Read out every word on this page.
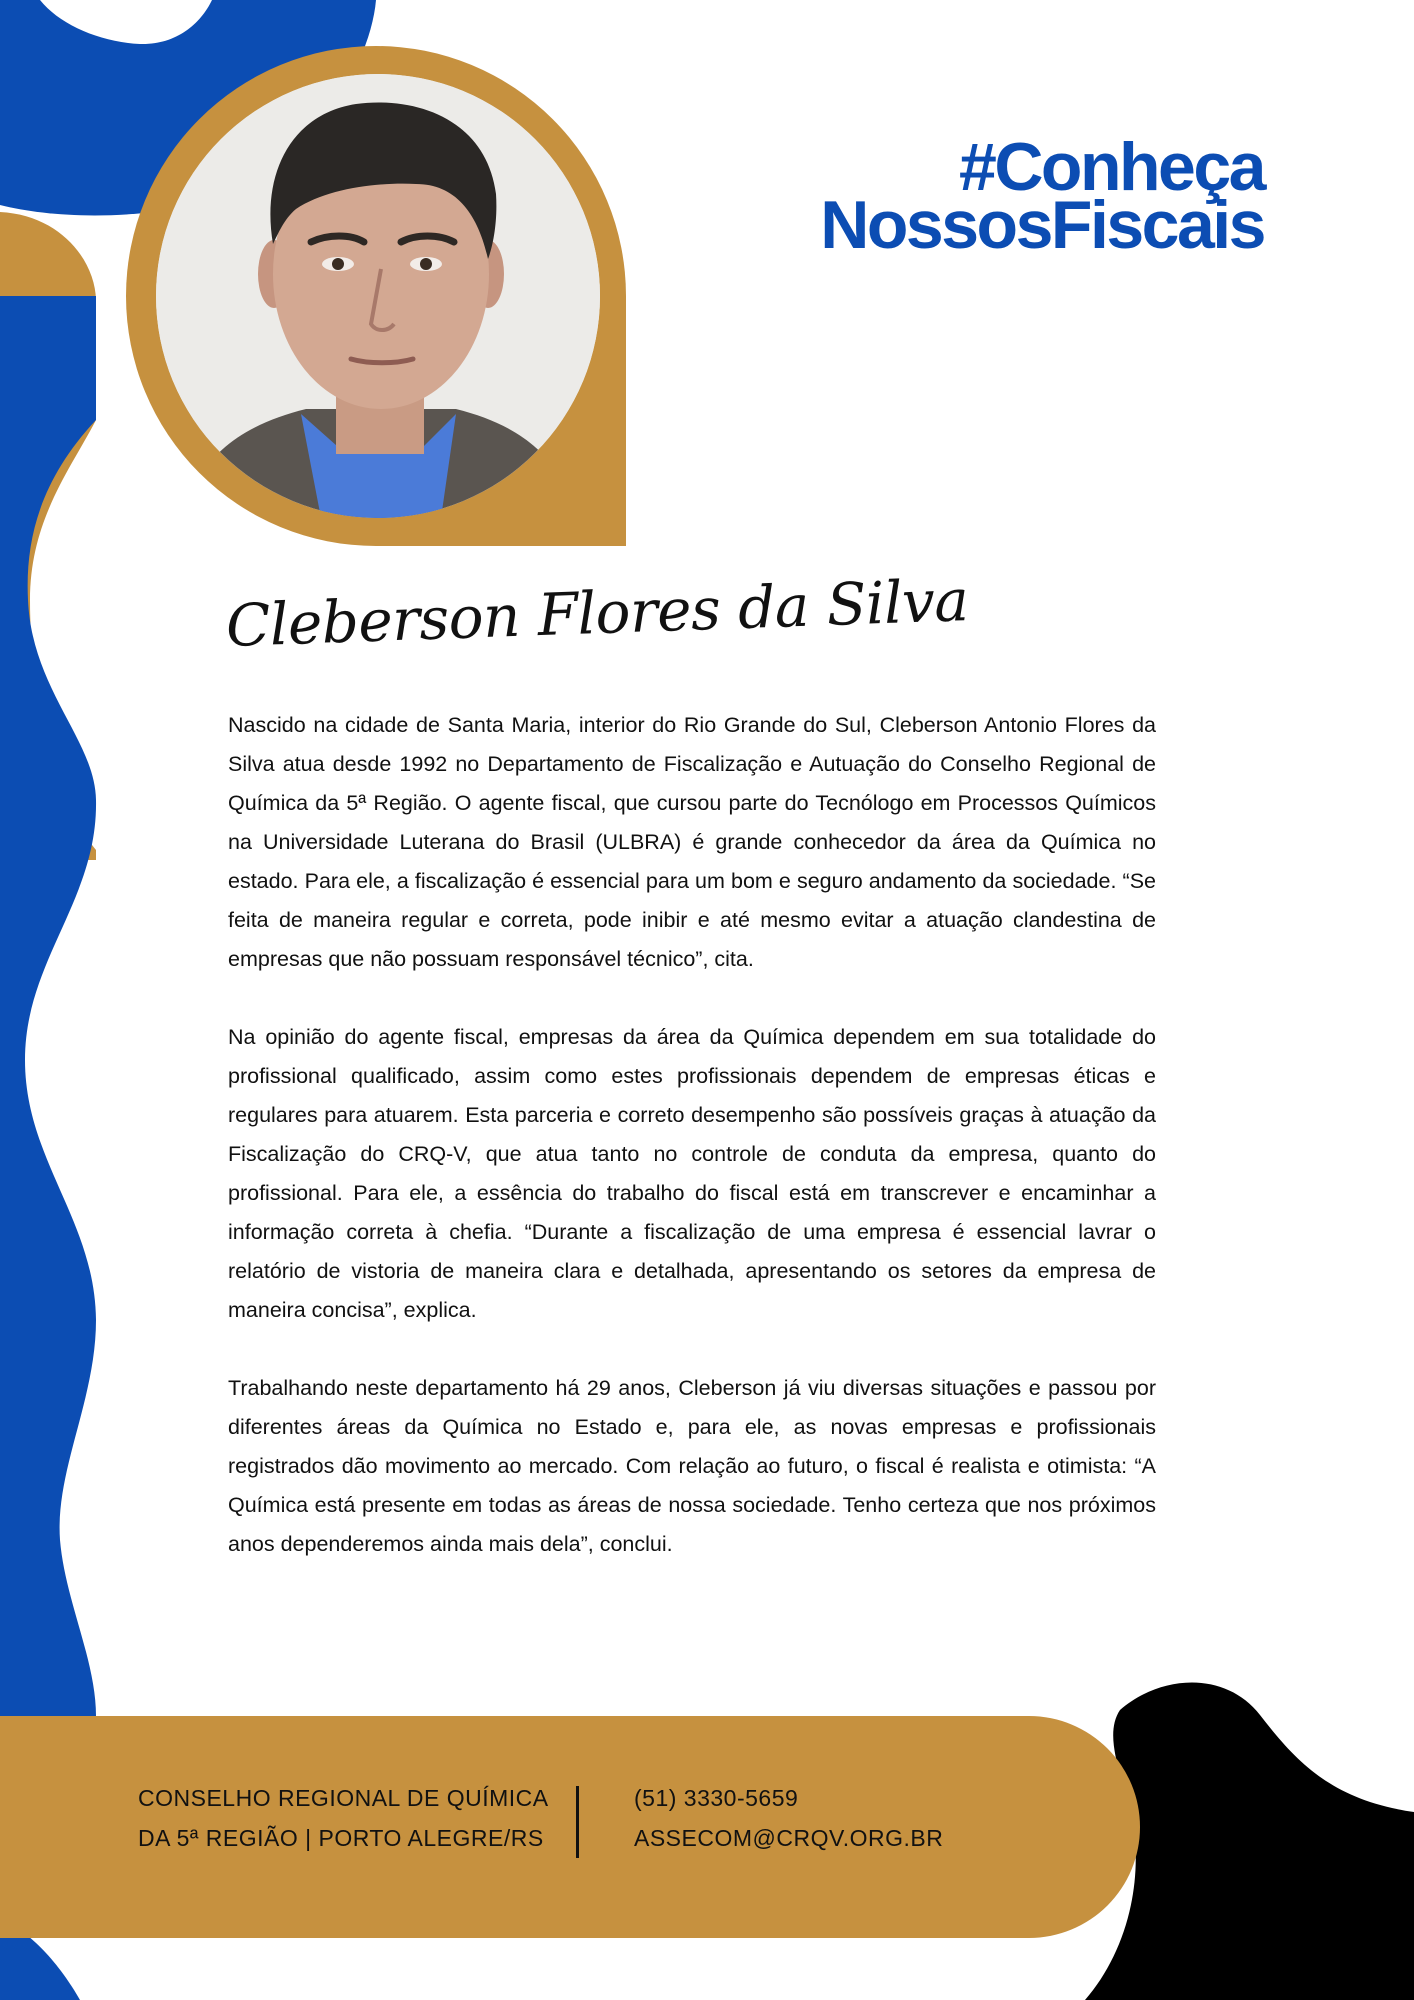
#Conheça
NossosFiscais
Cleberson Flores da Silva

Nascido na cidade de Santa Maria, interior do Rio Grande do Sul, Cleberson Antonio Flores da Silva atua desde 1992 no Departamento de Fiscalização e Autuação do Conselho Regional de Química da 5ª Região. O agente fiscal, que cursou parte do Tecnólogo em Processos Químicos na Universidade Luterana do Brasil (ULBRA) é grande conhecedor da área da Química no estado. Para ele, a fiscalização é essencial para um bom e seguro andamento da sociedade. “Se feita de maneira regular e correta, pode inibir e até mesmo evitar a atuação clandestina de empresas que não possuam responsável técnico”, cita.

Na opinião do agente fiscal, empresas da área da Química dependem em sua totalidade do profissional qualificado, assim como estes profissionais dependem de empresas éticas e regulares para atuarem. Esta parceria e correto desempenho são possíveis graças à atuação da Fiscalização do CRQ-V, que atua tanto no controle de conduta da empresa, quanto do profissional. Para ele, a essência do trabalho do fiscal está em transcrever e encaminhar a informação correta à chefia. “Durante a fiscalização de uma empresa é essencial lavrar o relatório de vistoria de maneira clara e detalhada, apresentando os setores da empresa de maneira concisa”, explica.

Trabalhando neste departamento há 29 anos, Cleberson já viu diversas situações e passou por diferentes áreas da Química no Estado e, para ele, as novas empresas e profissionais registrados dão movimento ao mercado. Com relação ao futuro, o fiscal é realista e otimista: “A Química está presente em todas as áreas de nossa sociedade. Tenho certeza que nos próximos anos dependeremos ainda mais dela”, conclui.

CONSELHO REGIONAL DE QUÍMICA
DA 5ª REGIÃO | PORTO ALEGRE/RS
(51) 3330-5659
ASSECOM@CRQV.ORG.BR
